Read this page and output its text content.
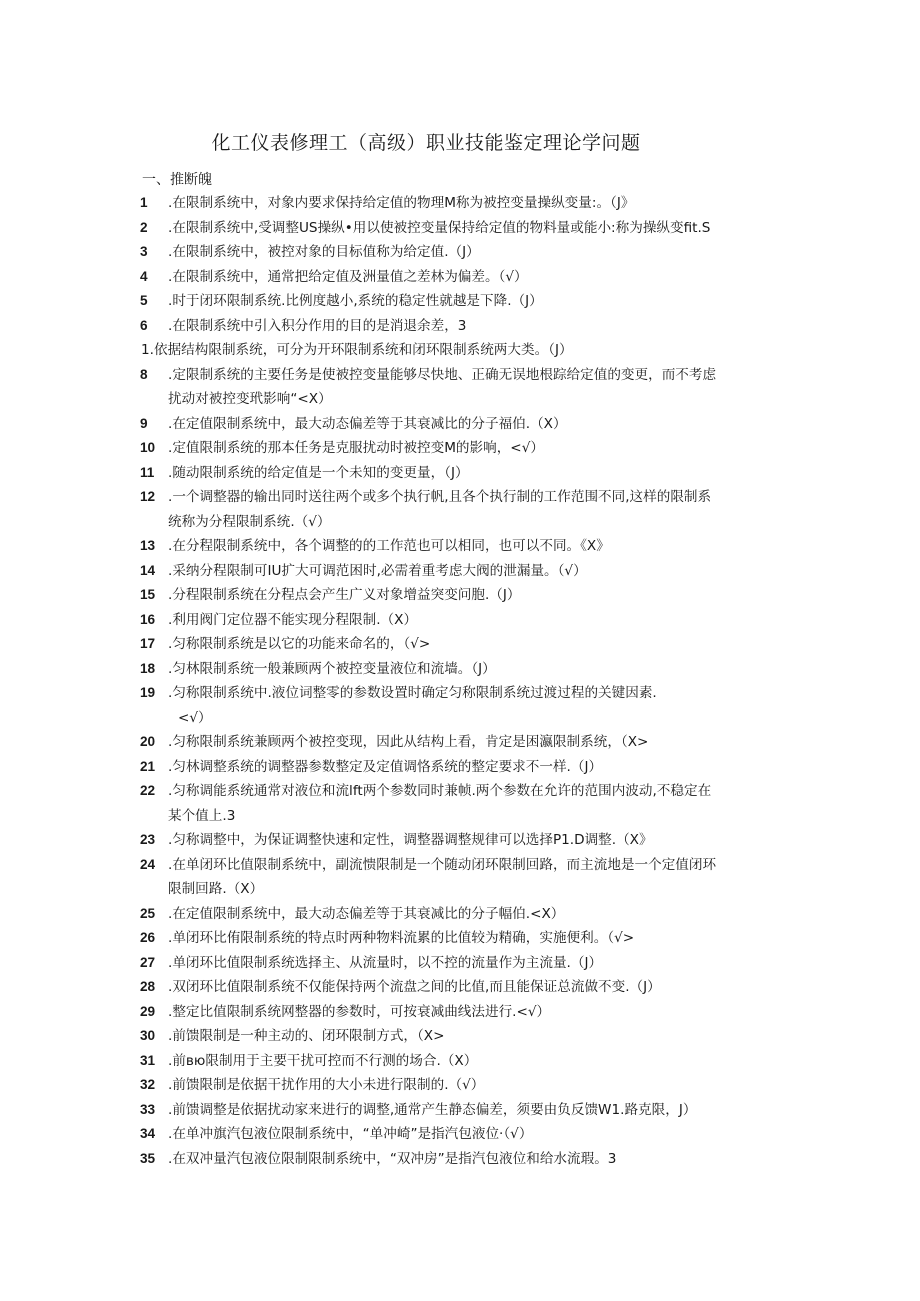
化工仪表修理工（高级）职业技能鉴定理论学问题

一、推断魄

1 .在限制系统中，对象内要求保持给定值的物理M称为被控变量操纵变量:。（J》
2 .在限制系统中,受调整US操纵•用以使被控变量保持给定值的物料量或能小:称为操纵变fit.S
3 .在限制系统中，被控对象的目标值称为给定值.（J）
4 .在限制系统中，通常把给定值及洲量值之差林为偏差。（√）
5 .时于闭环限制系统.比例度越小,系统的稳定性就越是下降.（J）
6 .在限制系统中引入积分作用的目的是消退余差，3
1.依据结构限制系统，可分为开环限制系统和闭环限制系统两大类。（J）
8 .定限制系统的主要任务是使被控变量能够尽快地、正确无误地根踪给定值的变更，而不考虑
扰动对被控变玳影响“<X）
9 .在定值限制系统中，最大动态偏差等于其衰减比的分子福伯.（X）
10 .定值限制系统的那本任务是克服扰动时被控变M的影响，<√）
11 .随动限制系统的给定值是一个未知的变更量，（J）
12 .一个调整器的输出同时送往两个或多个执行帆,且各个执行制的工作范围不同,这样的限制系
统称为分程限制系统.（√）
13 .在分程限制系统中，各个调整的的工作范也可以相同，也可以不同。《X》
14 .采纳分程限制可IU扩大可调范困时,必需着重考虑大阀的泄漏量。（√）
15 .分程限制系统在分程点会产生广义对象增益突变问胞.（J）
16 .利用阀门定位器不能实现分程限制.（X）
17 .匀称限制系统是以它的功能来命名的，（√>
18 .匀林限制系统一般兼顾两个被控变量液位和流墙。（J）
19 .匀称限制系统中.液位词整零的参数设置时确定匀称限制系统过渡过程的关键因素.
<√）
20 .匀称限制系统兼顾两个被控变现，因此从结构上看，肯定是困瀛限制系统，（X>
21 .匀林调整系统的调整器参数整定及定值调恪系统的整定要求不一样.（J）
22 .匀称调能系统通常对液位和流lft两个参数同时兼帧.两个参数在允许的范围内波动,不稳定在
某个值上.3
23 .匀称调整中，为保证调整快速和定性，调整器调整规律可以选择P1.D调整.（X》
24 .在单闭环比值限制系统中，副流愦限制是一个随动闭环限制回路，而主流地是一个定值闭环
限制回路.（X）
25 .在定值限制系统中，最大动态偏差等于其衰减比的分子幅伯.<X）
26 .单闭环比侑限制系统的特点时两种物料流累的比值较为精确，实施便利。（√>
27 .单闭环比值限制系统选择主、从流量时，以不控的流量作为主流量.（J）
28 .双闭环比值限制系统不仅能保持两个流盘之间的比值,而且能保证总流做不变.（J）
29 .整定比值限制系统网整器的参数时，可按衰减曲线法进行.<√）
30 .前馈限制是一种主动的、闭环限制方式，（X>
31 .前вю限制用于主要干扰可控而不行测的场合.（X）
32 .前馈限制是依据干扰作用的大小未进行限制的.（√）
33 .前馈调整是依据扰动家来进行的调整,通常产生静态偏差，须要由负反馈W1.路克限，J）
34 .在单冲旗汽包液位限制系统中，“单冲崎”是指汽包液位·（√）
35 .在双冲量汽包液位限制限制系统中，“双冲房”是指汽包液位和给水流瑕。3
